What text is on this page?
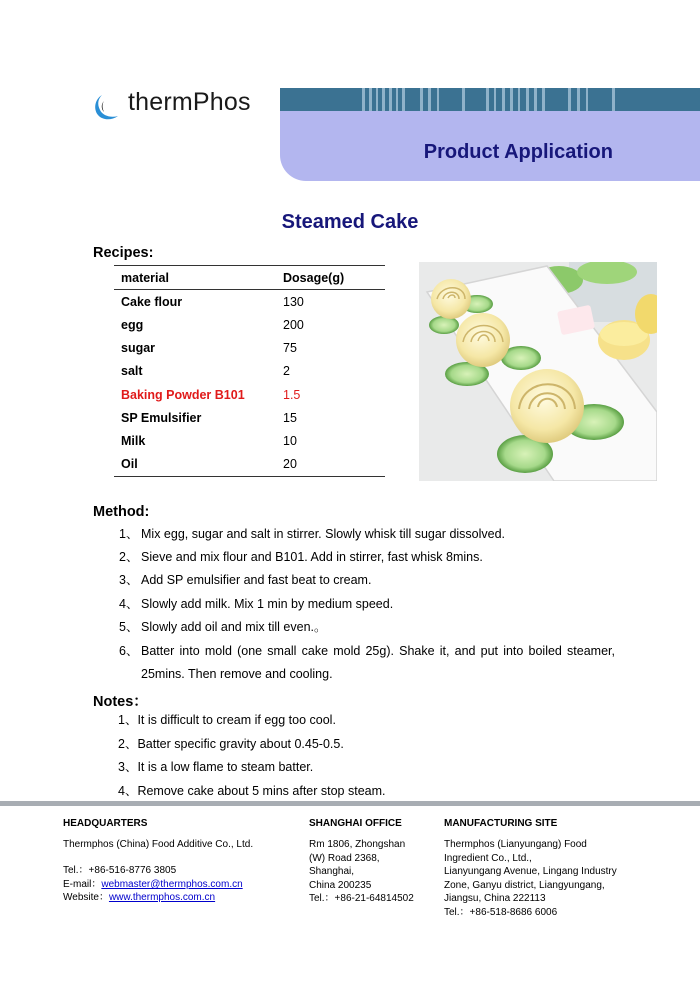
thermPhos
Product Application
Steamed Cake
Recipes:
material	Dosage(g)
Cake flour	130
egg	200
sugar	75
salt	2
Baking Powder B101	1.5
SP Emulsifier	15
Milk	10
Oil	20
Method:
1、 Mix egg, sugar and salt in stirrer. Slowly whisk till sugar dissolved.
2、 Sieve and mix flour and B101. Add in stirrer, fast whisk 8mins.
3、 Add SP emulsifier and fast beat to cream.
4、 Slowly add milk. Mix 1 min by medium speed.
5、 Slowly add oil and mix till even.。
6、 Batter into mold (one small cake mold 25g). Shake it, and put into boiled steamer, 25mins. Then remove and cooling.
Notes：
1、It is difficult to cream if egg too cool.
2、Batter specific gravity about 0.45-0.5.
3、It is a low flame to steam batter.
4、Remove cake about 5 mins after stop steam.
HEADQUARTERS
Thermphos (China) Food Additive Co., Ltd.
Tel.：+86-516-8776 3805
E-mail：webmaster@thermphos.com.cn
Website：www.thermphos.com.cn
SHANGHAI OFFICE
Rm 1806, Zhongshan
(W) Road 2368,
Shanghai,
China 200235
Tel.：+86-21-64814502
MANUFACTURING SITE
Thermphos (Lianyungang) Food
Ingredient Co., Ltd.,
Lianyungang Avenue, Lingang Industry
Zone, Ganyu district, Liangyungang,
Jiangsu, China 222113
Tel.：+86-518-8686 6006
